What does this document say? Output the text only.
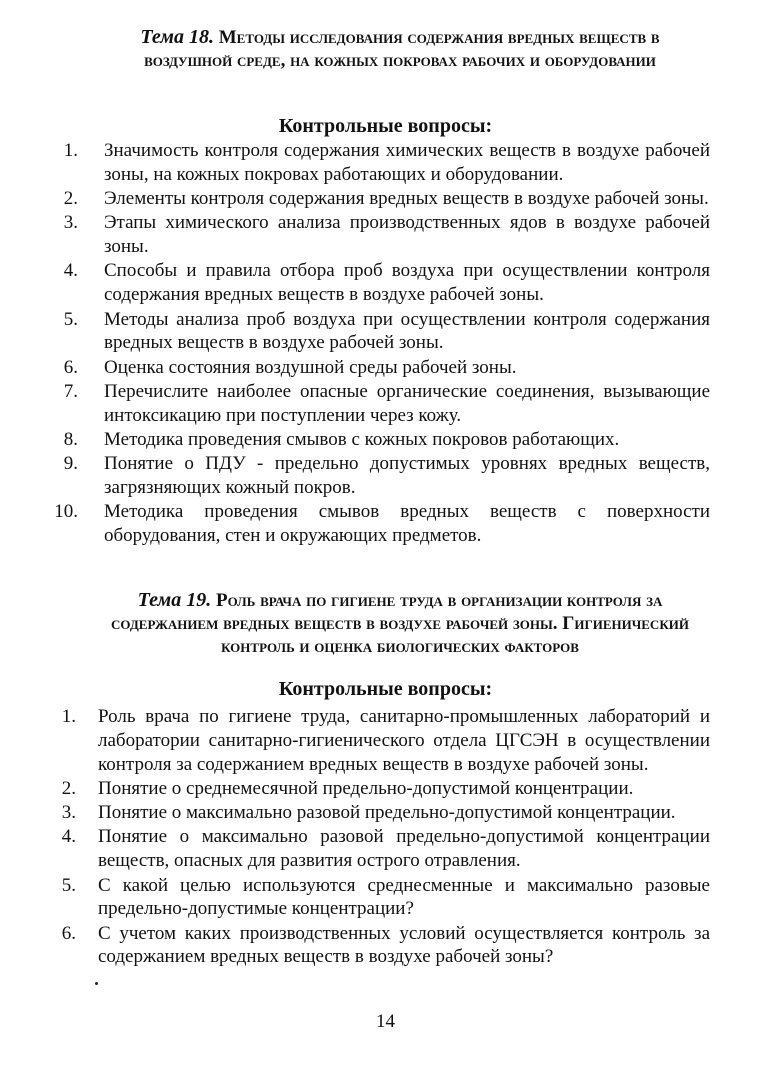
Тема 18. Методы исследования содержания вредных веществ в воздушной среде, на кожных покровах рабочих и оборудовании
Контрольные вопросы:
1. Значимость контроля содержания химических веществ в воздухе рабочей зоны, на кожных покровах работающих и оборудовании.
2. Элементы контроля содержания вредных веществ в воздухе рабочей зоны.
3. Этапы химического анализа производственных ядов в воздухе рабочей зоны.
4. Способы и правила отбора проб воздуха при осуществлении контроля содержания вредных веществ в воздухе рабочей зоны.
5. Методы анализа проб воздуха при осуществлении контроля содержания вредных веществ в воздухе рабочей зоны.
6. Оценка состояния воздушной среды рабочей зоны.
7. Перечислите наиболее опасные органические соединения, вызывающие интоксикацию при поступлении через кожу.
8. Методика проведения смывов с кожных покровов работающих.
9. Понятие о ПДУ - предельно допустимых уровнях вредных веществ, загрязняющих кожный покров.
10. Методика проведения смывов вредных веществ с поверхности оборудования, стен и окружающих предметов.
Тема 19. Роль врача по гигиене труда в организации контроля за содержанием вредных веществ в воздухе рабочей зоны. Гигиенический контроль и оценка биологических факторов
Контрольные вопросы:
1. Роль врача по гигиене труда, санитарно-промышленных лабораторий и лаборатории санитарно-гигиенического отдела ЦГСЭН в осуществлении контроля за содержанием вредных веществ в воздухе рабочей зоны.
2. Понятие о среднемесячной предельно-допустимой концентрации.
3. Понятие о максимально разовой предельно-допустимой концентрации.
4. Понятие о максимально разовой предельно-допустимой концентрации веществ, опасных для развития острого отравления.
5. С какой целью используются среднесменные и максимально разовые предельно-допустимые концентрации?
6. С учетом каких производственных условий осуществляется контроль за содержанием вредных веществ в воздухе рабочей зоны?
14
